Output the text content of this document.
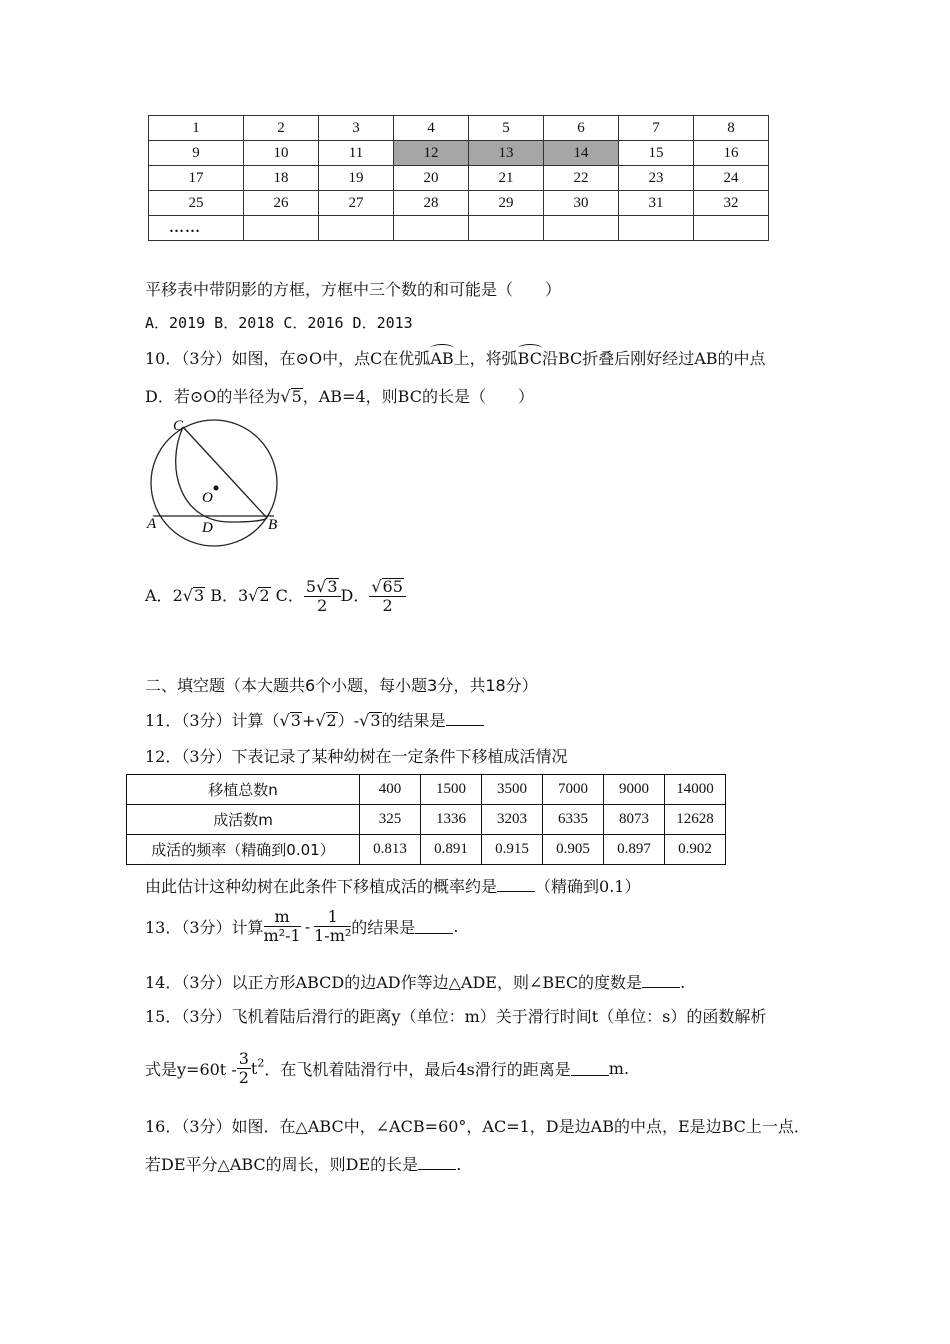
1	2	3	4	5	6	7	8
9	10	11	12	13	14	15	16
17	18	19	20	21	22	23	24
25	26	27	28	29	30	31	32
……							
平移表中带阴影的方框，方框中三个数的和可能是（　　）
A．2019 B．2018 C．2016 D．2013
10．（3分）如图，在⊙O中，点C在优弧AB上，将弧BC沿BC折叠后刚好经过AB的中点
D．若⊙O的半径为√5，AB=4，则BC的长是（　　）
C
O
A	D	B
A．2√3 B．3√2 C． $\frac{5√3}{2}$ D． $\frac{√65}{2}$
二、填空题（本大题共6个小题，每小题3分，共18分）
11．（3分）计算（√3+√2）-√3的结果是
12．（3分）下表记录了某种幼树在一定条件下移植成活情况
移植总数n	400	1500	3500	7000	9000	14000
成活数m	325	1336	3203	6335	8073	12628
成活的频率（精确到0.01）	0.813	0.891	0.915	0.905	0.897	0.902
由此估计这种幼树在此条件下移植成活的概率约是 （精确到0.1）
13．（3分）计算 $\frac{m}{\text{m²-1}} - \frac{1}{\text{1-m²}}$ 的结果是 .
14．（3分）以正方形ABCD的边AD作等边△ADE，则∠BEC的度数是 .
15．（3分）飞机着陆后滑行的距离y（单位：m）关于滑行时间t（单位：s）的函数解析
式是$y=60t - \frac{3}{2} t^2$．在飞机着陆滑行中，最后4s滑行的距离是 m.
16．（3分）如图．在△ABC中，∠ACB=60°，AC=1，D是边AB的中点，E是边BC上一点．
若DE平分△ABC的周长，则DE的长是 .
